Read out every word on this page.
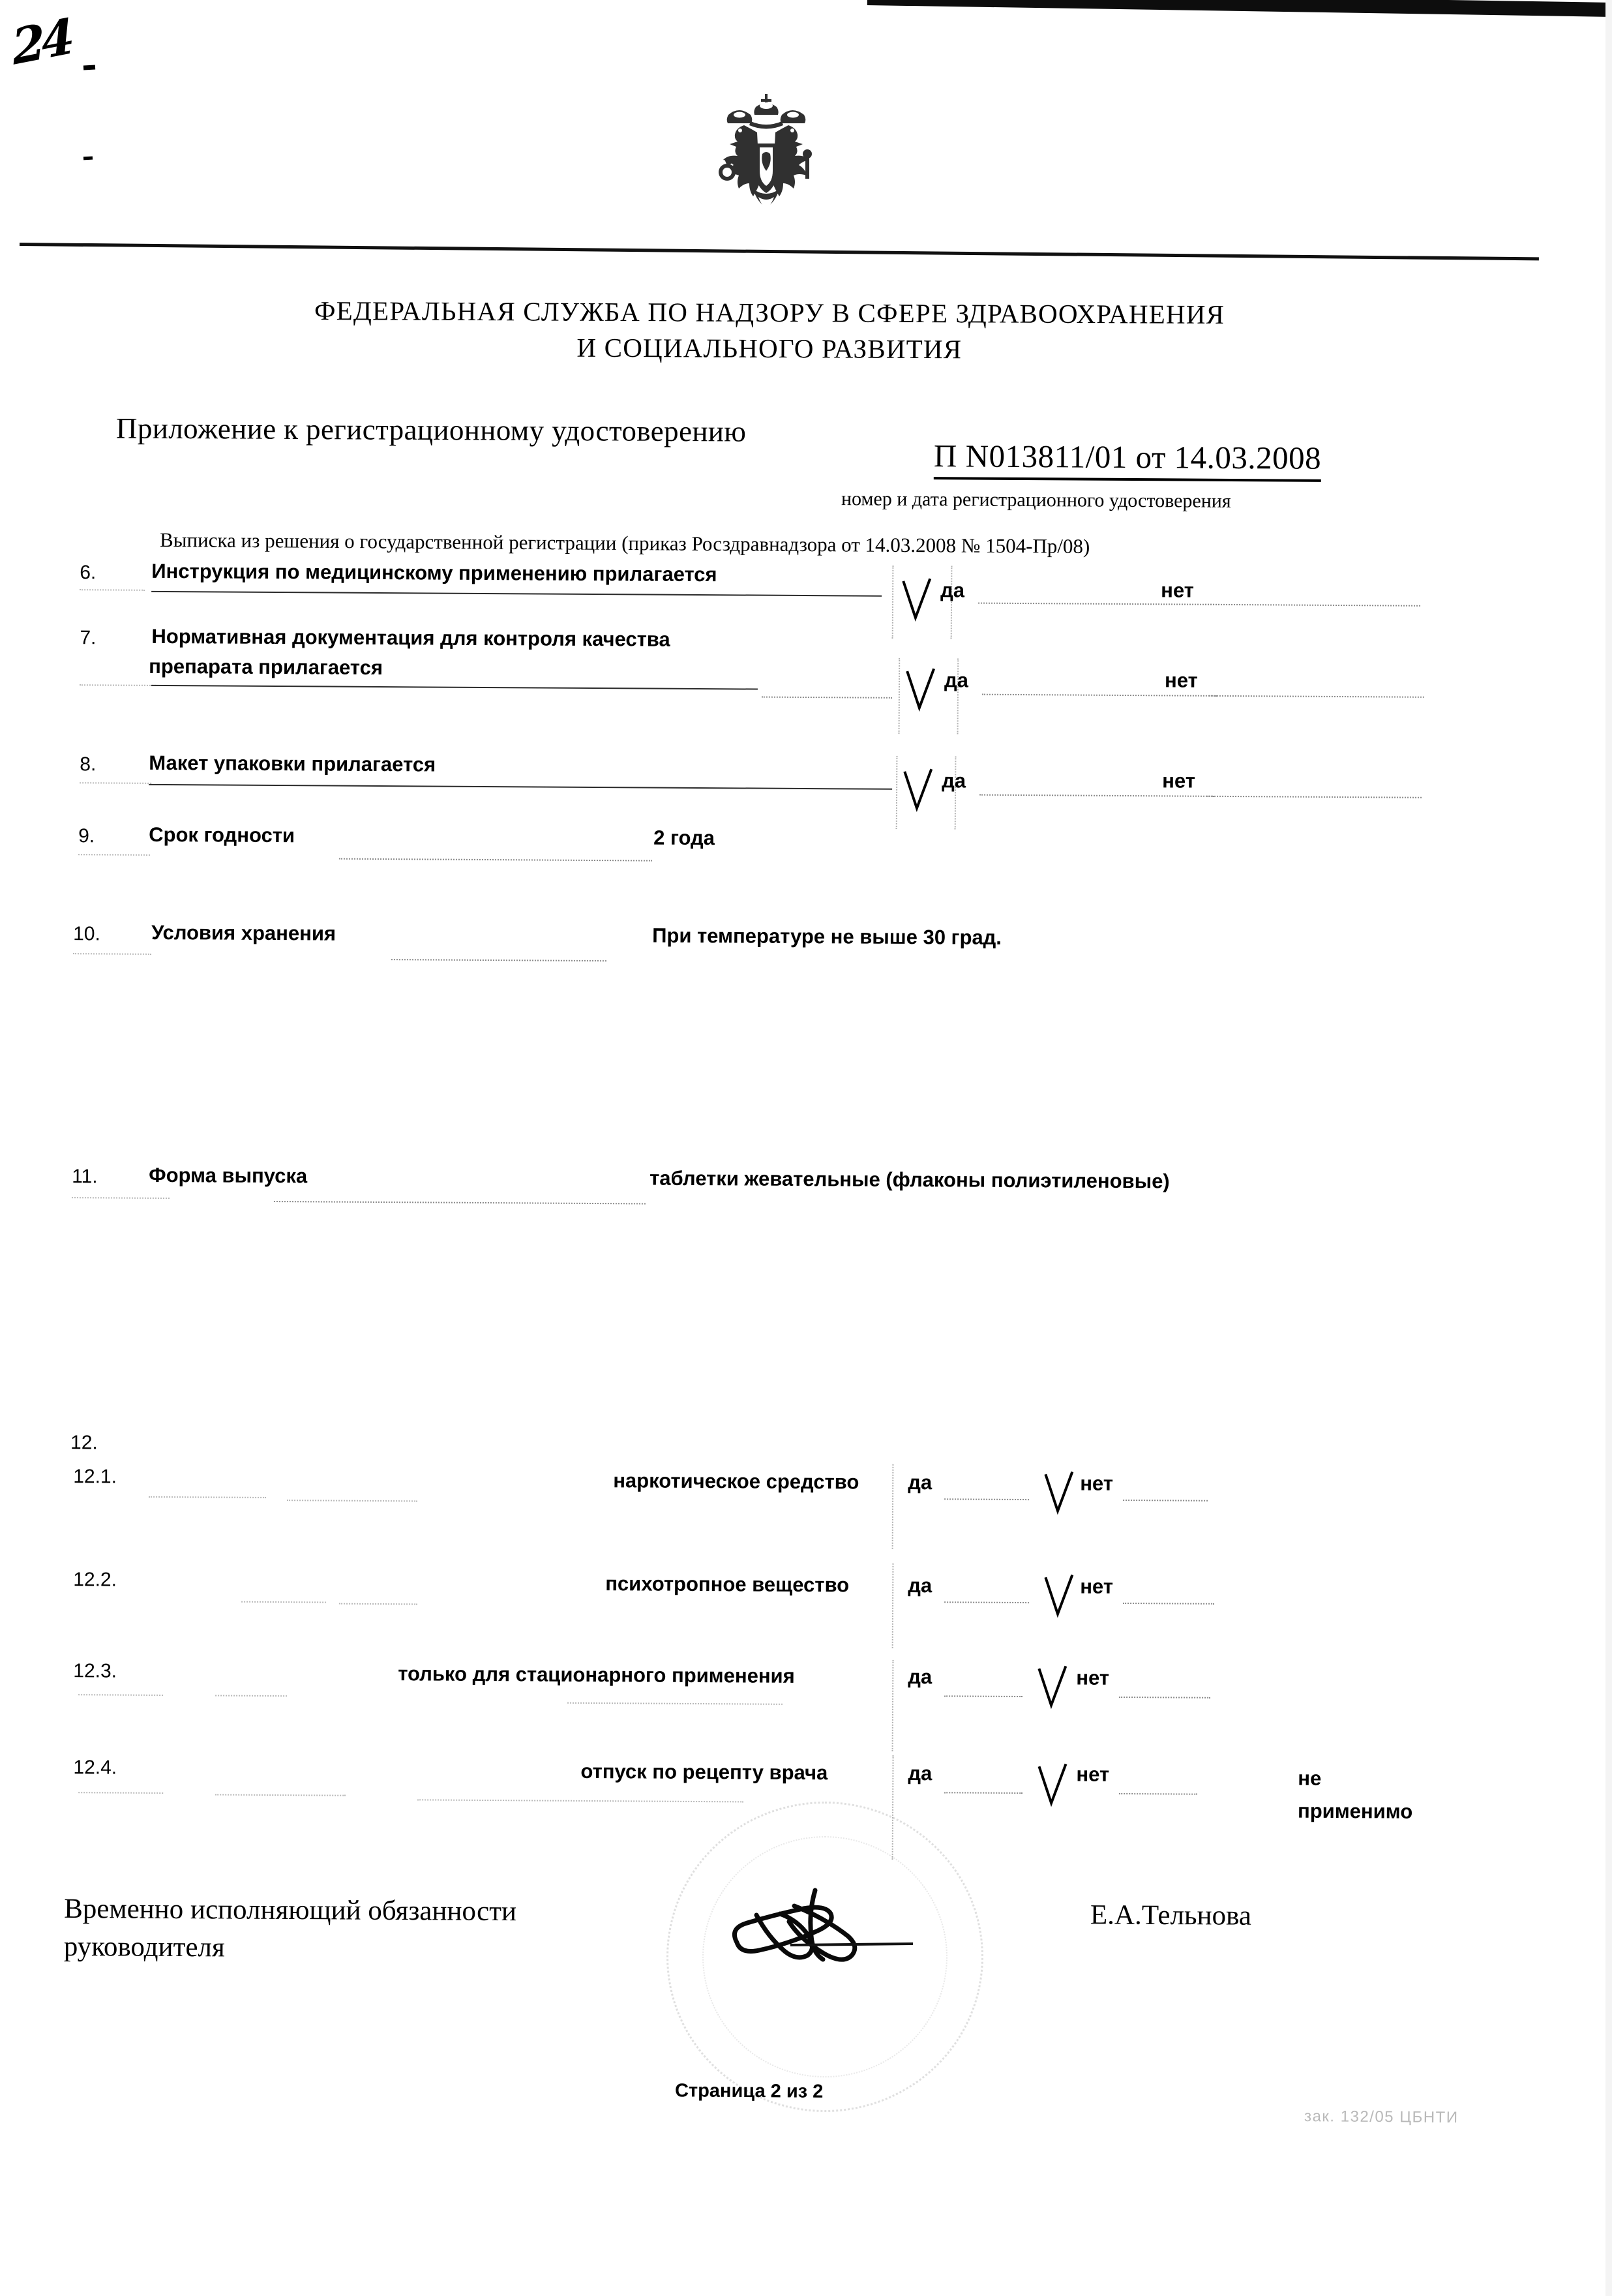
24
ФЕДЕРАЛЬНАЯ СЛУЖБА ПО НАДЗОРУ В СФЕРЕ ЗДРАВООХРАНЕНИЯ
И СОЦИАЛЬНОГО РАЗВИТИЯ
Приложение к регистрационному удостоверению
П N013811/01 от 14.03.2008
номер и дата регистрационного удостоверения
Выписка из решения о государственной регистрации (приказ Росздравнадзора от 14.03.2008 № 1504-Пр/08)
6.	Инструкция по медицинскому применению прилагается
да	нет
7.	Нормативная документация для контроля качества
препарата прилагается
да	нет
8.	Макет упаковки прилагается
да	нет
9.	Срок годности	2 года
10.	Условия хранения	При температуре не выше 30 град.
11.	Форма выпуска	таблетки жевательные (флаконы полиэтиленовые)
12.
12.1.	наркотическое средство да	нет
12.2.	психотропное вещество	да	нет
12.3.	только для стационарного применения	да	нет
12.4.	отпуск по рецепту врача	да	нет	не
применимо
Временно исполняющий обязанности
руководителя
Е.А.Тельнова
Страница 2 из 2
зак. 132/05 ЦБНТИ
